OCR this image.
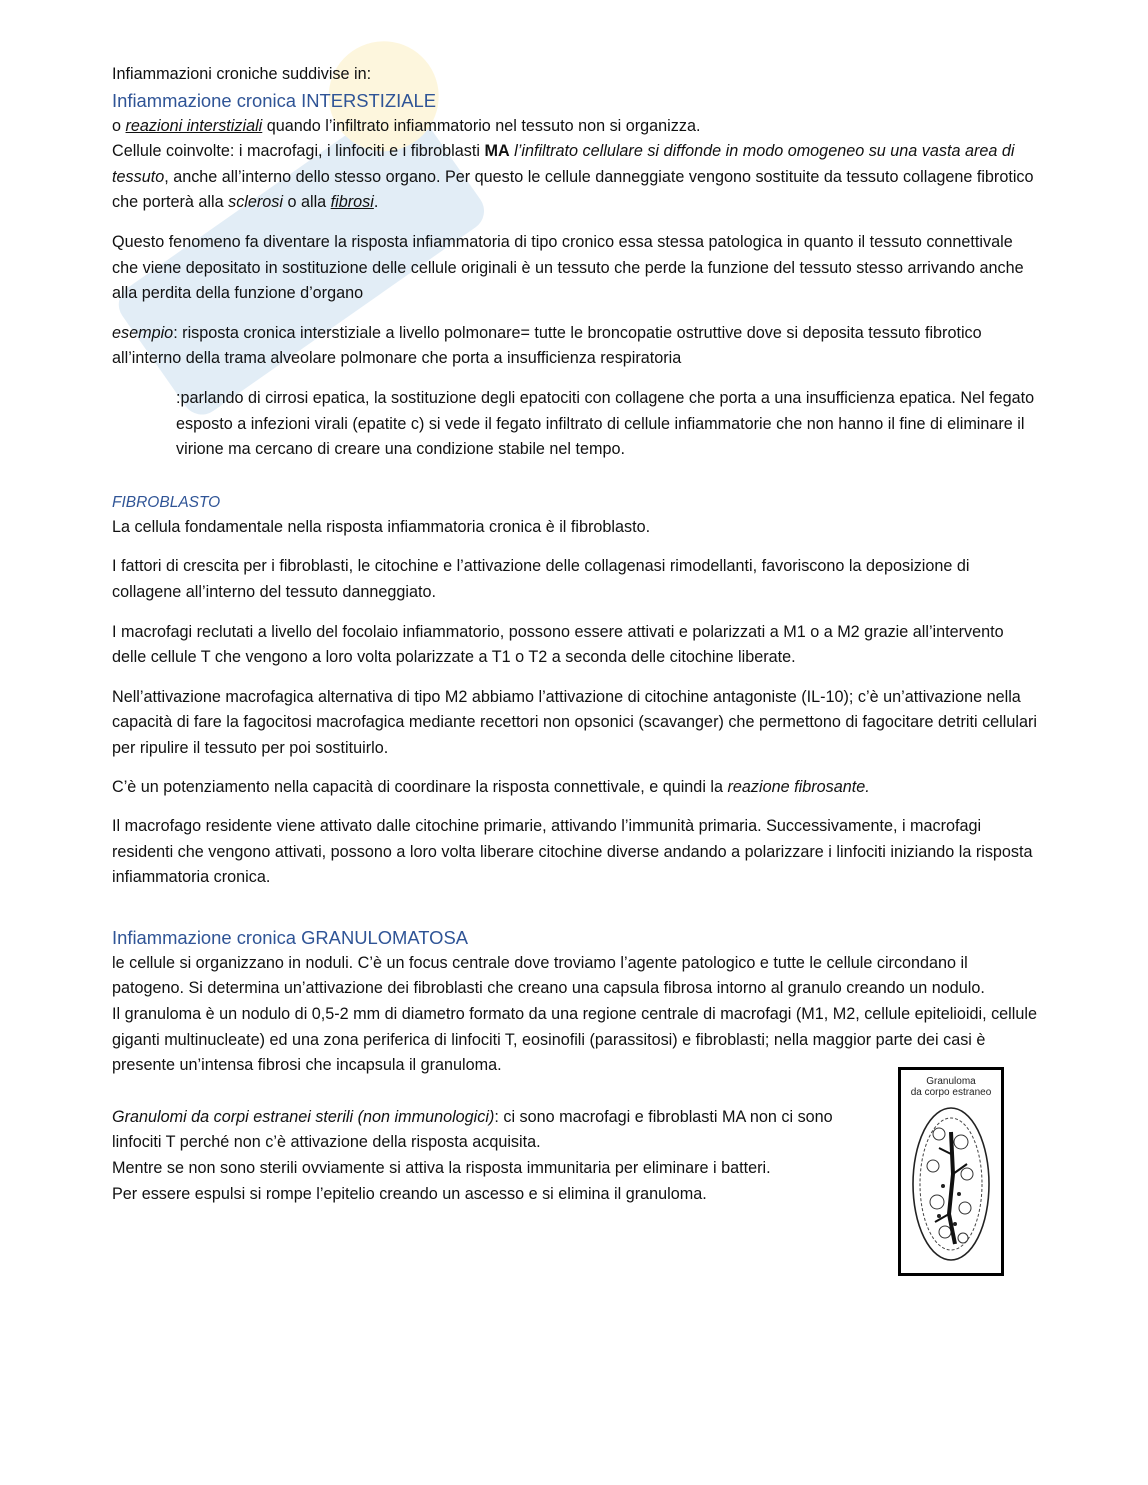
Infiammazioni croniche suddivise in:

Infiammazione cronica INTERSTIZIALE

o reazioni interstiziali quando l’infiltrato infiammatorio nel tessuto non si organizza.

Cellule coinvolte: i macrofagi, i linfociti e i fibroblasti MA l’infiltrato cellulare si diffonde in modo omogeneo su una vasta area di tessuto, anche all’interno dello stesso organo. Per questo le cellule danneggiate vengono sostituite da tessuto collagene fibrotico che porterà alla sclerosi o alla fibrosi.

Questo fenomeno fa diventare la risposta infiammatoria di tipo cronico essa stessa patologica in quanto il tessuto connettivale che viene depositato in sostituzione delle cellule originali è un tessuto che perde la funzione del tessuto stesso arrivando anche alla perdita della funzione d’organo

esempio: risposta cronica interstiziale a livello polmonare= tutte le broncopatie ostruttive dove si deposita tessuto fibrotico all’interno della trama alveolare polmonare che porta a insufficienza respiratoria

:parlando di cirrosi epatica, la sostituzione degli epatociti con collagene che porta a una insufficienza epatica. Nel fegato esposto a infezioni virali (epatite c) si vede il fegato infiltrato di cellule infiammatorie che non hanno il fine di eliminare il virione ma cercano di creare una condizione stabile nel tempo.

FIBROBLASTO

La cellula fondamentale nella risposta infiammatoria cronica è il fibroblasto.

I fattori di crescita per i fibroblasti, le citochine e l’attivazione delle collagenasi rimodellanti, favoriscono la deposizione di collagene all’interno del tessuto danneggiato.

I macrofagi reclutati a livello del focolaio infiammatorio, possono essere attivati e polarizzati a M1 o a M2 grazie all’intervento delle cellule T che vengono a loro volta polarizzate a T1 o T2 a seconda delle citochine liberate.

Nell’attivazione macrofagica alternativa di tipo M2 abbiamo l’attivazione di citochine antagoniste (IL-10); c’è un’attivazione nella capacità di fare la fagocitosi macrofagica mediante recettori non opsonici (scavanger) che permettono di fagocitare detriti cellulari per ripulire il tessuto per poi sostituirlo.

C’è un potenziamento nella capacità di coordinare la risposta connettivale, e quindi la reazione fibrosante.

Il macrofago residente viene attivato dalle citochine primarie, attivando l’immunità primaria. Successivamente, i macrofagi residenti che vengono attivati, possono a loro volta liberare citochine diverse andando a polarizzare i linfociti iniziando la risposta infiammatoria cronica.

Infiammazione cronica GRANULOMATOSA

le cellule si organizzano in noduli. C’è un focus centrale dove troviamo l’agente patologico e tutte le cellule circondano il patogeno. Si determina un’attivazione dei fibroblasti che creano una capsula fibrosa intorno al granulo creando un nodulo.

Il granuloma è un nodulo di 0,5-2 mm di diametro formato da una regione centrale di macrofagi (M1, M2, cellule epitelioidi, cellule giganti multinucleate) ed una zona periferica di linfociti T, eosinofili (parassitosi) e fibroblasti; nella maggior parte dei casi è presente un’intensa fibrosi che incapsula il granuloma.

Granulomi da corpi estranei sterili (non immunologici): ci sono macrofagi e fibroblasti MA non ci sono linfociti T perché non c’è attivazione della risposta acquisita.

Mentre se non sono sterili ovviamente si attiva la risposta immunitaria per eliminare i batteri.

Per essere espulsi si rompe l’epitelio creando un ascesso e si elimina il granuloma.

Granuloma
da corpo estraneo
